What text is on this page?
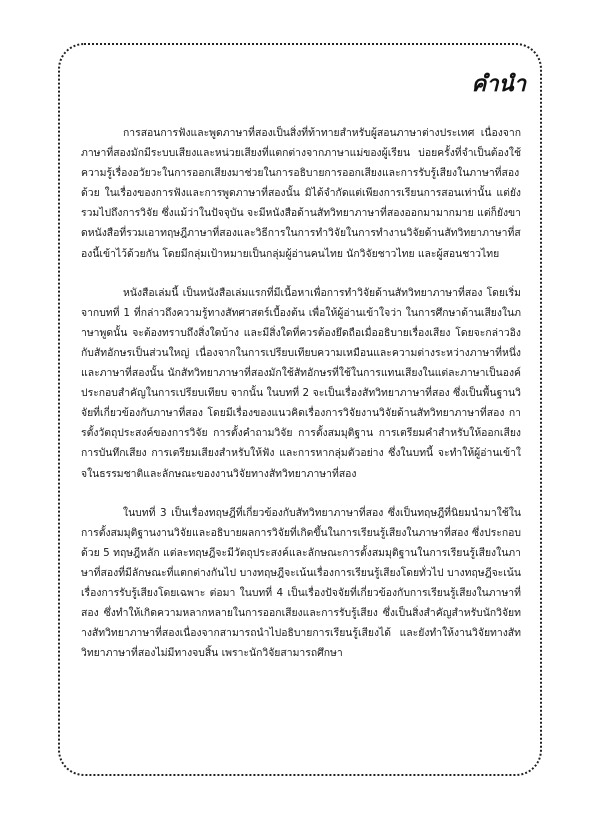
คำนำ

การสอนการฟังและพูดภาษาที่สองเป็นสิ่งที่ท้าทายสำหรับผู้สอนภาษาต่างประเทศ เนื่องจากภาษาที่สองมักมีระบบเสียงและหน่วยเสียงที่แตกต่างจากภาษาแม่ของผู้เรียน บ่อยครั้งที่จำเป็นต้องใช้ความรู้เรื่องอวัยวะในการออกเสียงมาช่วยในการอธิบายการออกเสียงและการรับรู้เสียงในภาษาที่สองด้วย ในเรื่องของการฟังและการพูดภาษาที่สองนั้น มิได้จำกัดแต่เพียงการเรียนการสอนเท่านั้น แต่ยังรวมไปถึงการวิจัย ซึ่งแม้ว่าในปัจจุบัน จะมีหนังสือด้านสัทวิทยาภาษาที่สองออกมามากมาย แต่ก็ยังขาดหนังสือที่รวมเอาทฤษฎีภาษาที่สองและวิธีการในการทำวิจัยในการทำงานวิจัยด้านสัทวิทยาภาษาที่สองนี้เข้าไว้ด้วยกัน โดยมีกลุ่มเป้าหมายเป็นกลุ่มผู้อ่านคนไทย นักวิจัยชาวไทย และผู้สอนชาวไทย

หนังสือเล่มนี้ เป็นหนังสือเล่มแรกที่มีเนื้อหาเพื่อการทำวิจัยด้านสัทวิทยาภาษาที่สอง โดยเริ่มจากบทที่ 1 ที่กล่าวถึงความรู้ทางสัทศาสตร์เบื้องต้น เพื่อให้ผู้อ่านเข้าใจว่า ในการศึกษาด้านเสียงในภาษาพูดนั้น จะต้องทราบถึงสิ่งใดบ้าง และมีสิ่งใดที่ควรต้องยึดถือเมื่ออธิบายเรื่องเสียง โดยจะกล่าวอิงกับสัทอักษรเป็นส่วนใหญ่ เนื่องจากในการเปรียบเทียบความเหมือนและความต่างระหว่างภาษาที่หนึ่งและภาษาที่สองนั้น นักสัทวิทยาภาษาที่สองมักใช้สัทอักษรที่ใช้ในการแทนเสียงในแต่ละภาษาเป็นองค์ประกอบสำคัญในการเปรียบเทียบ จากนั้น ในบทที่ 2 จะเป็นเรื่องสัทวิทยาภาษาที่สอง ซึ่งเป็นพื้นฐานวิจัยที่เกี่ยวข้องกับภาษาที่สอง โดยมีเรื่องของแนวคิดเรื่องการวิจัยงานวิจัยด้านสัทวิทยาภาษาที่สอง การตั้งวัตถุประสงค์ของการวิจัย การตั้งคำถามวิจัย การตั้งสมมุติฐาน การเตรียมคำสำหรับให้ออกเสียง การบันทึกเสียง การเตรียมเสียงสำหรับให้ฟัง และการหากลุ่มตัวอย่าง ซึ่งในบทนี้ จะทำให้ผู้อ่านเข้าใจในธรรมชาติและลักษณะของงานวิจัยทางสัทวิทยาภาษาที่สอง

ในบทที่ 3 เป็นเรื่องทฤษฎีที่เกี่ยวข้องกับสัทวิทยาภาษาที่สอง ซึ่งเป็นทฤษฎีที่นิยมนำมาใช้ในการตั้งสมมุติฐานงานวิจัยและอธิบายผลการวิจัยที่เกิดขึ้นในการเรียนรู้เสียงในภาษาที่สอง ซึ่งประกอบด้วย 5 ทฤษฎีหลัก แต่ละทฤษฎีจะมีวัตถุประสงค์และลักษณะการตั้งสมมุติฐานในการเรียนรู้เสียงในภาษาที่สองที่มีลักษณะที่แตกต่างกันไป บางทฤษฎีจะเน้นเรื่องการเรียนรู้เสียงโดยทั่วไป บางทฤษฎีจะเน้นเรื่องการรับรู้เสียงโดยเฉพาะ ต่อมา ในบทที่ 4 เป็นเรื่องปัจจัยที่เกี่ยวข้องกับการเรียนรู้เสียงในภาษาที่สอง ซึ่งทำให้เกิดความหลากหลายในการออกเสียงและการรับรู้เสียง ซึ่งเป็นสิ่งสำคัญสำหรับนักวิจัยทางสัทวิทยาภาษาที่สองเนื่องจากสามารถนำไปอธิบายการเรียนรู้เสียงได้ และยังทำให้งานวิจัยทางสัทวิทยาภาษาที่สองไม่มีทางจบสิ้น เพราะนักวิจัยสามารถศึกษา
